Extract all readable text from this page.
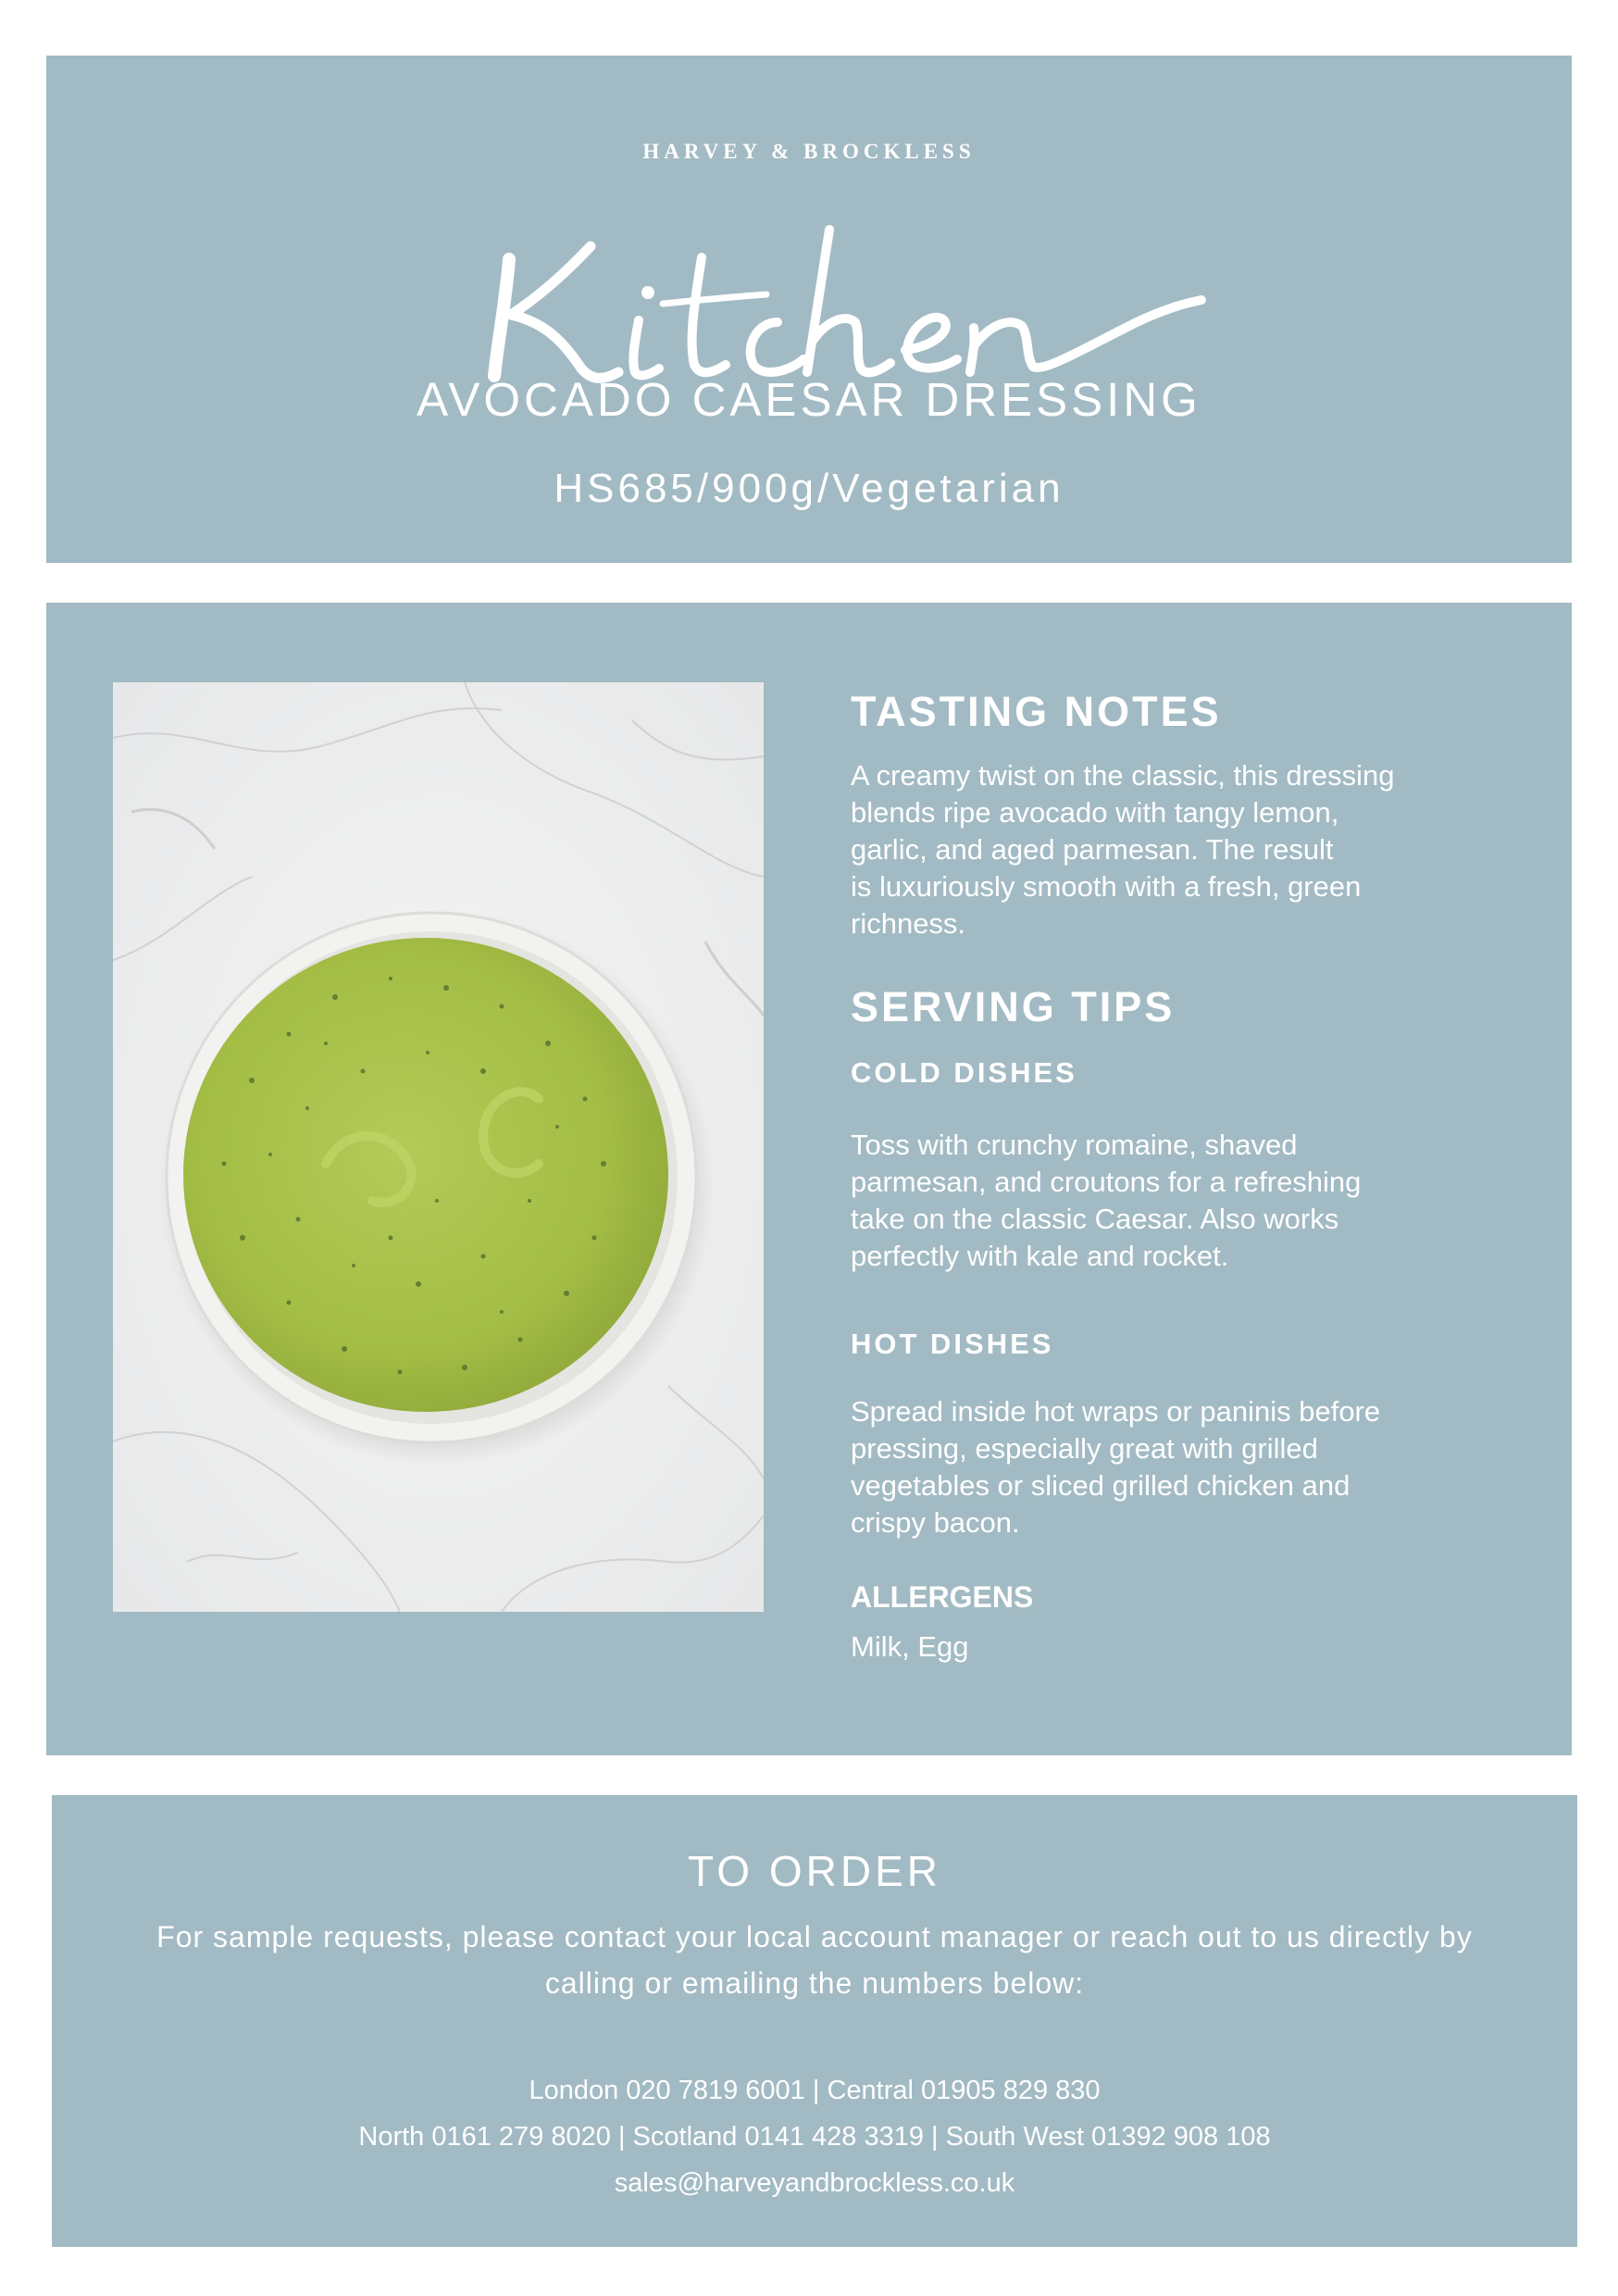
HARVEY & BROCKLESS
AVOCADO CAESAR DRESSING
HS685/900g/Vegetarian
TASTING NOTES

A creamy twist on the classic, this dressing

blends ripe avocado with tangy lemon,

garlic, and aged parmesan. The result

is luxuriously smooth with a fresh, green

richness.

SERVING TIPS
COLD DISHES

Toss with crunchy romaine, shaved

parmesan, and croutons for a refreshing

take on the classic Caesar. Also works

perfectly with kale and rocket.

HOT DISHES

Spread inside hot wraps or paninis before

pressing, especially great with grilled

vegetables or sliced grilled chicken and

crispy bacon.

ALLERGENS

Milk, Egg

TO ORDER
For sample requests, please contact your local account manager or reach out to us directly by
calling or emailing the numbers below:
London 020 7819 6001 | Central 01905 829 830
North 0161 279 8020 | Scotland 0141 428 3319 | South West 01392 908 108
sales@harveyandbrockless.co.uk
